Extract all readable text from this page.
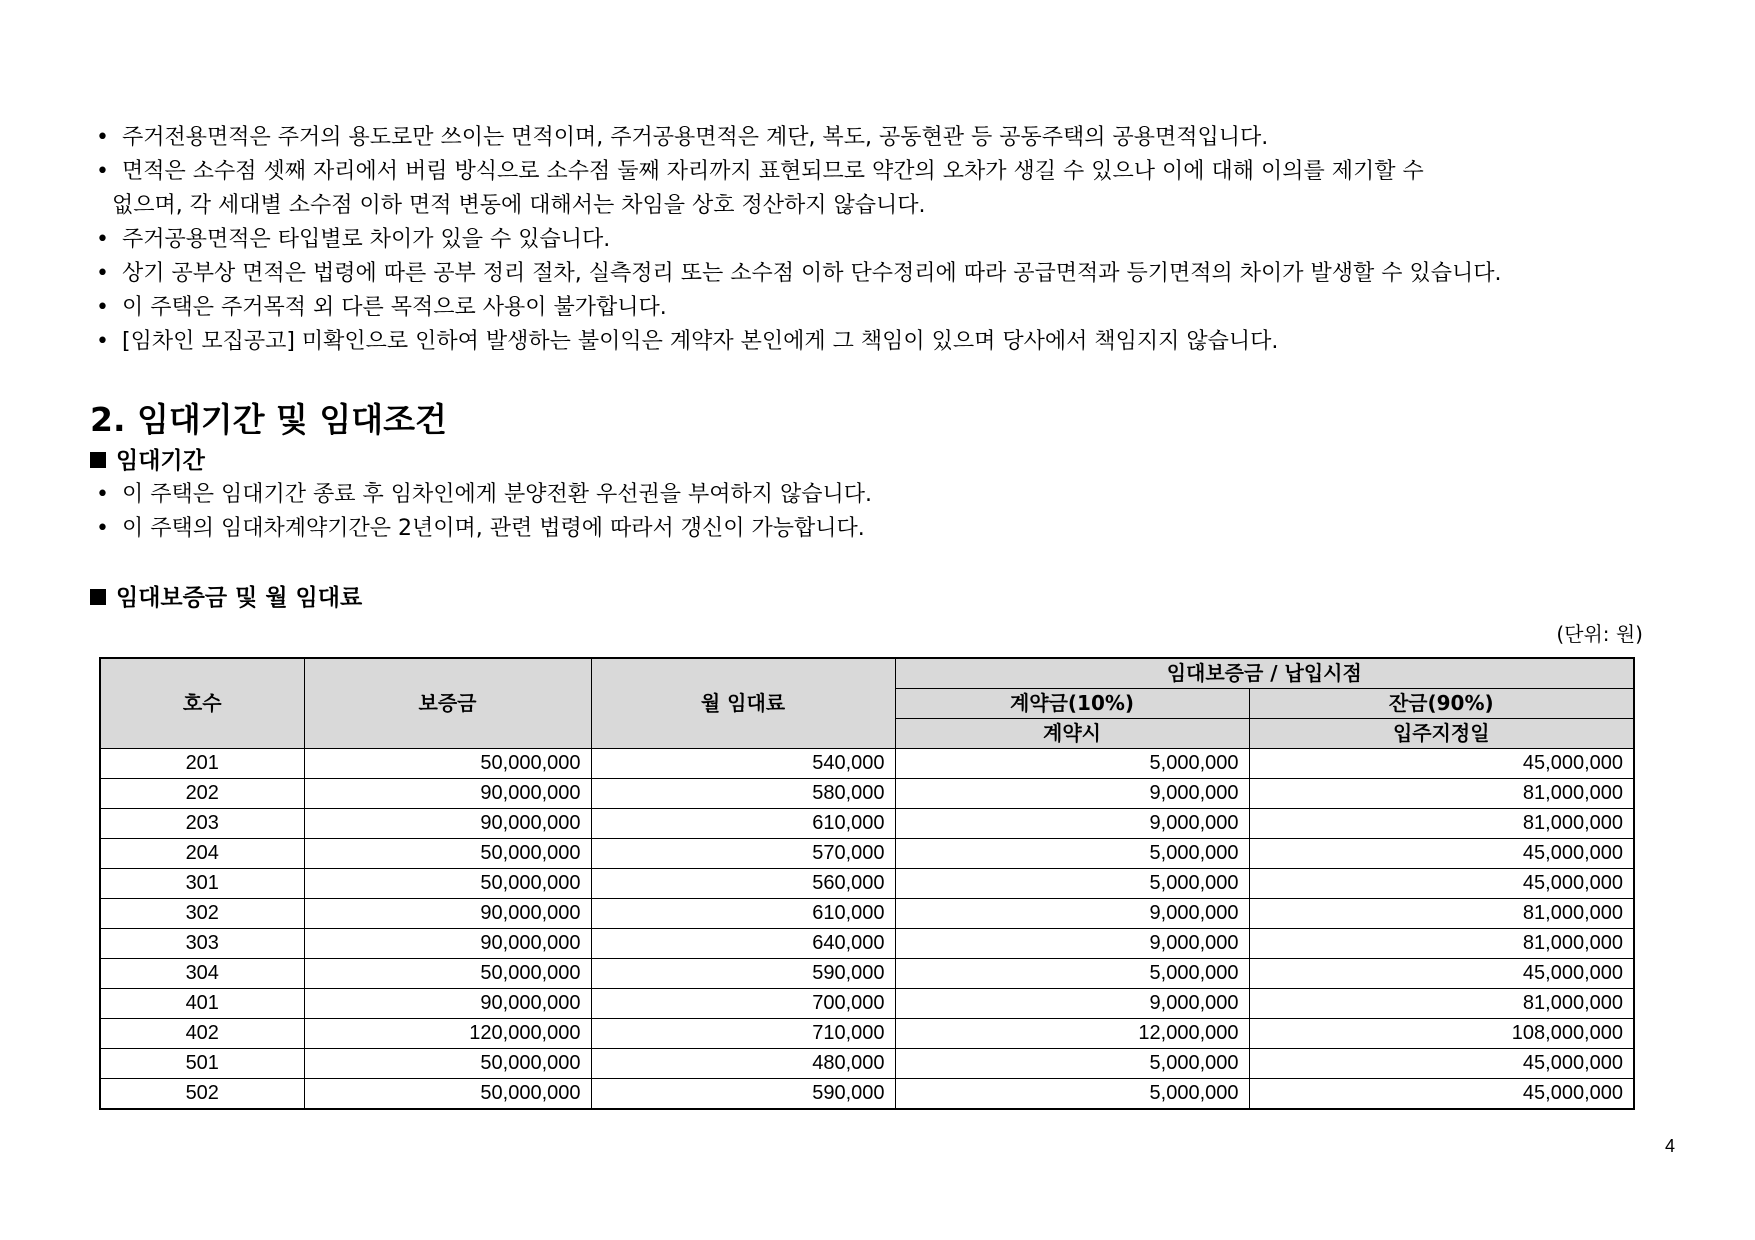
• 주거전용면적은 주거의 용도로만 쓰이는 면적이며, 주거공용면적은 계단, 복도, 공동현관 등 공동주택의 공용면적입니다.
• 면적은 소수점 셋째 자리에서 버림 방식으로 소수점 둘째 자리까지 표현되므로 약간의 오차가 생길 수 있으나 이에 대해 이의를 제기할 수
없으며, 각 세대별 소수점 이하 면적 변동에 대해서는 차임을 상호 정산하지 않습니다.
• 주거공용면적은 타입별로 차이가 있을 수 있습니다.
• 상기 공부상 면적은 법령에 따른 공부 정리 절차, 실측정리 또는 소수점 이하 단수정리에 따라 공급면적과 등기면적의 차이가 발생할 수 있습니다.
• 이 주택은 주거목적 외 다른 목적으로 사용이 불가합니다.
• [임차인 모집공고] 미확인으로 인하여 발생하는 불이익은 계약자 본인에게 그 책임이 있으며 당사에서 책임지지 않습니다.
2. 임대기간 및 임대조건
임대기간
• 이 주택은 임대기간 종료 후 임차인에게 분양전환 우선권을 부여하지 않습니다.
• 이 주택의 임대차계약기간은 2년이며, 관련 법령에 따라서 갱신이 가능합니다.
임대보증금 및 월 임대료
(단위: 원)
호수	보증금	월 임대료	임대보증금 / 납입시점	
			계약금(10%)	잔금(90%)
			계약시	입주지정일
201	50,000,000	540,000	5,000,000	45,000,000
202	90,000,000	580,000	9,000,000	81,000,000
203	90,000,000	610,000	9,000,000	81,000,000
204	50,000,000	570,000	5,000,000	45,000,000
301	50,000,000	560,000	5,000,000	45,000,000
302	90,000,000	610,000	9,000,000	81,000,000
303	90,000,000	640,000	9,000,000	81,000,000
304	50,000,000	590,000	5,000,000	45,000,000
401	90,000,000	700,000	9,000,000	81,000,000
402	120,000,000	710,000	12,000,000	108,000,000
501	50,000,000	480,000	5,000,000	45,000,000
502	50,000,000	590,000	5,000,000	45,000,000
4
